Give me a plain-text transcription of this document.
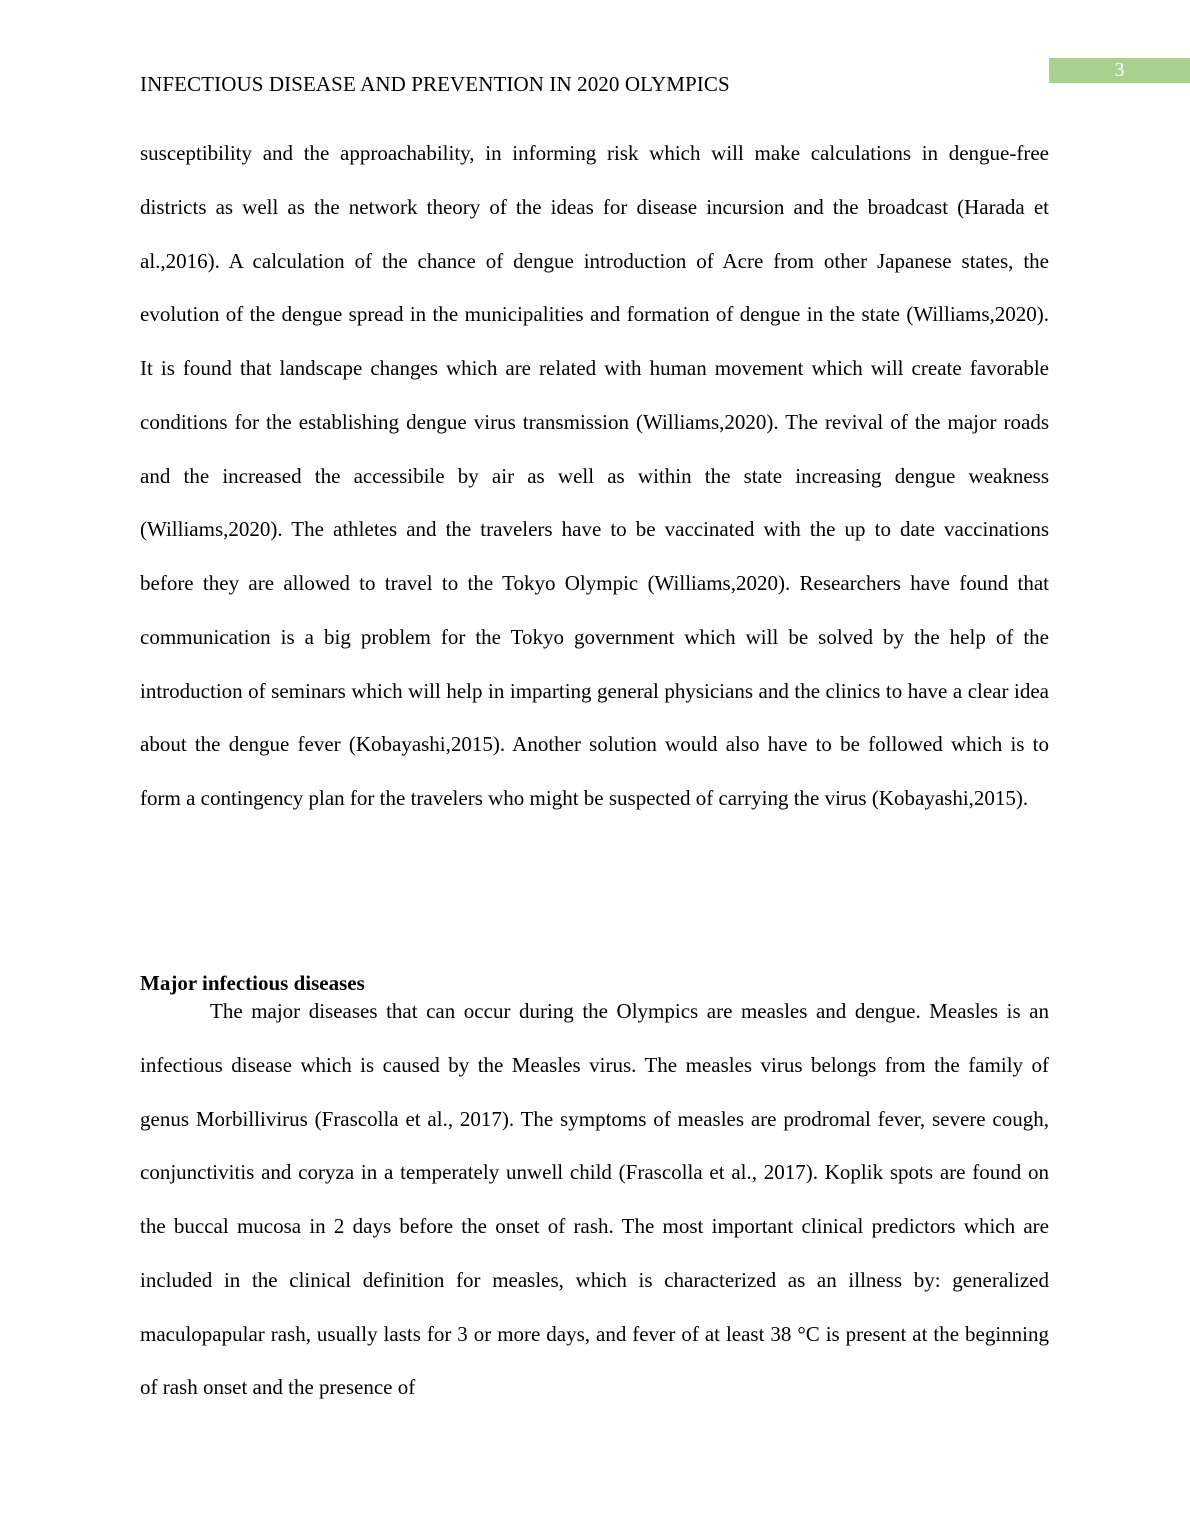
3
INFECTIOUS DISEASE AND PREVENTION IN 2020 OLYMPICS

susceptibility and the approachability, in informing risk which will make calculations in dengue-free districts as well as the network theory of the ideas for disease incursion and the broadcast (Harada et al.,2016). A calculation of the chance of dengue introduction of Acre from other Japanese states, the evolution of the dengue spread in the municipalities and formation of dengue in the state (Williams,2020). It is found that landscape changes which are related with human movement which will create favorable conditions for the establishing dengue virus transmission (Williams,2020). The revival of the major roads and the increased the accessibile by air as well as within the state increasing dengue weakness (Williams,2020). The athletes and the travelers have to be vaccinated with the up to date vaccinations before they are allowed to travel to the Tokyo Olympic (Williams,2020). Researchers have found that communication is a big problem for the Tokyo government which will be solved by the help of the introduction of seminars which will help in imparting general physicians and the clinics to have a clear idea about the dengue fever (Kobayashi,2015). Another solution would also have to be followed which is to form a contingency plan for the travelers who might be suspected of carrying the virus (Kobayashi,2015).

Major infectious diseases

The major diseases that can occur during the Olympics are measles and dengue. Measles is an infectious disease which is caused by the Measles virus. The measles virus belongs from the family of genus Morbillivirus (Frascolla et al., 2017). The symptoms of measles are prodromal fever, severe cough, conjunctivitis and coryza in a temperately unwell child (Frascolla et al., 2017). Koplik spots are found on the buccal mucosa in 2 days before the onset of rash. The most important clinical predictors which are included in the clinical definition for measles, which is characterized as an illness by: generalized maculopapular rash, usually lasts for 3 or more days, and fever of at least 38 °C is present at the beginning of rash onset and the presence of
